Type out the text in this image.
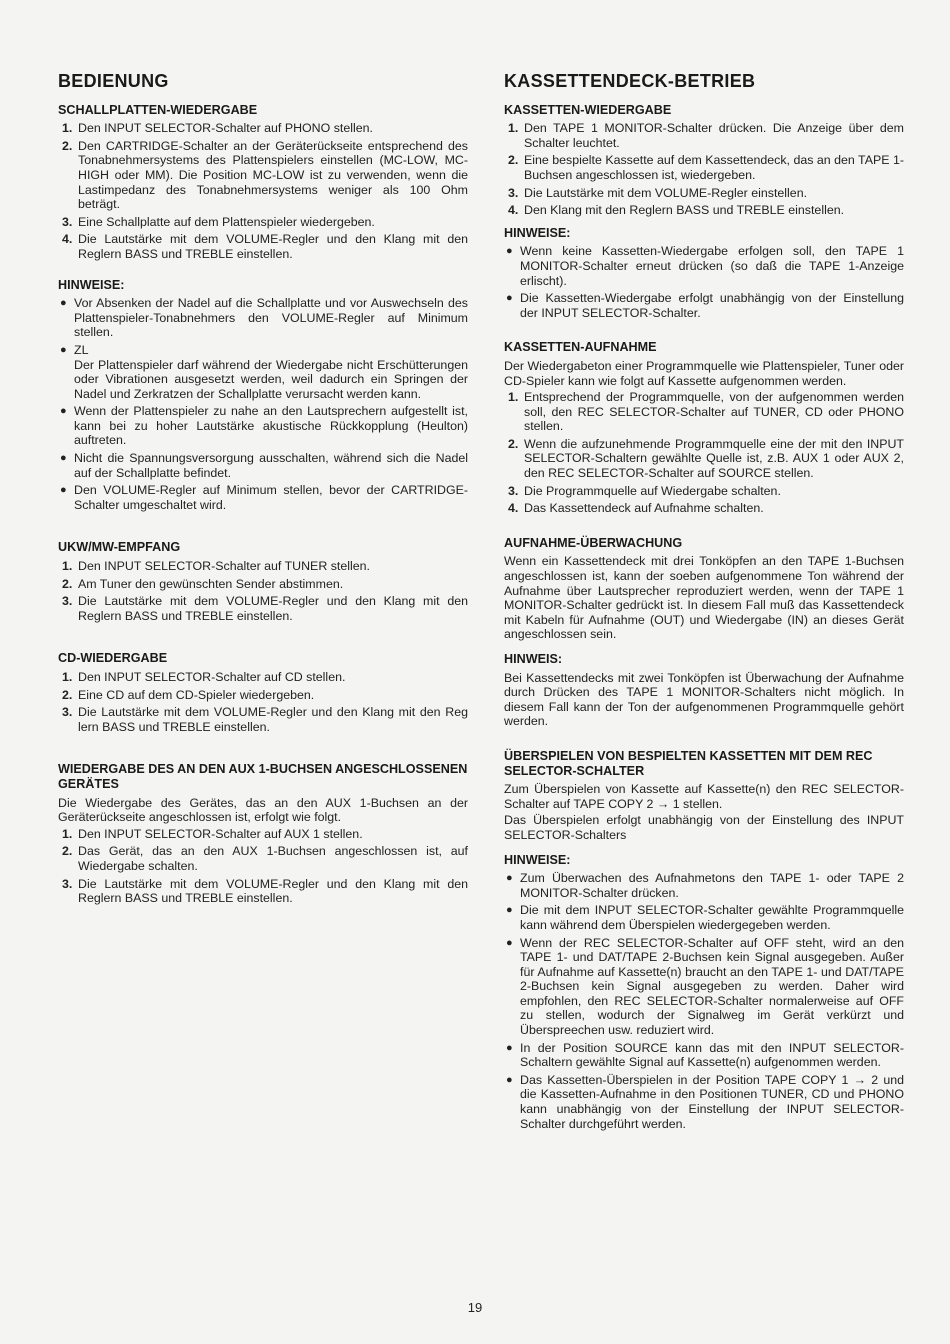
BEDIENUNG
SCHALLPLATTEN-WIEDERGABE
1. Den INPUT SELECTOR-Schalter auf PHONO stellen.
2. Den CARTRIDGE-Schalter an der Geräterückseite entsprechend des Tonabnehmersystems des Plattenspielers einstellen (MC-LOW, MC-HIGH oder MM). Die Position MC-LOW ist zu verwenden, wenn die Lastimpedanz des Tonabnehmersystems weniger als 100 Ohm beträgt.
3. Eine Schallplatte auf dem Plattenspieler wiedergeben.
4. Die Lautstärke mit dem VOLUME-Regler und den Klang mit den Reglern BASS und TREBLE einstellen.
HINWEISE:
● Vor Absenken der Nadel auf die Schallplatte und vor Auswechseln des Plattenspieler-Tonabnehmers den VOLUME-Regler auf Minimum stellen.
● ZL
Der Plattenspieler darf während der Wiedergabe nicht Erschütterungen oder Vibrationen ausgesetzt werden, weil dadurch ein Springen der Nadel und Zerkratzen der Schallplatte verursacht werden kann.
● Wenn der Plattenspieler zu nahe an den Lautsprechern aufgestellt ist, kann bei zu hoher Lautstärke akustische Rückkopplung (Heulton) auftreten.
● Nicht die Spannungsversorgung ausschalten, während sich die Nadel auf der Schallplatte befindet.
● Den VOLUME-Regler auf Minimum stellen, bevor der CARTRIDGE-Schalter umgeschaltet wird.
UKW/MW-EMPFANG
1. Den INPUT SELECTOR-Schalter auf TUNER stellen.
2. Am Tuner den gewünschten Sender abstimmen.
3. Die Lautstärke mit dem VOLUME-Regler und den Klang mit den Reglern BASS und TREBLE einstellen.
CD-WIEDERGABE
1. Den INPUT SELECTOR-Schalter auf CD stellen.
2. Eine CD auf dem CD-Spieler wiedergeben.
3. Die Lautstärke mit dem VOLUME-Regler und den Klang mit den Reg lern BASS und TREBLE einstellen.
WIEDERGABE DES AN DEN AUX 1-BUCHSEN ANGESCHLOSSENEN GERÄTES

Die Wiedergabe des Gerätes, das an den AUX 1-Buchsen an der Geräterückseite angeschlossen ist, erfolgt wie folgt.

1. Den INPUT SELECTOR-Schalter auf AUX 1 stellen.
2. Das Gerät, das an den AUX 1-Buchsen angeschlossen ist, auf Wiedergabe schalten.
3. Die Lautstärke mit dem VOLUME-Regler und den Klang mit den Reglern BASS und TREBLE einstellen.
KASSETTENDECK-BETRIEB
KASSETTEN-WIEDERGABE
1. Den TAPE 1 MONITOR-Schalter drücken. Die Anzeige über dem Schalter leuchtet.
2. Eine bespielte Kassette auf dem Kassettendeck, das an den TAPE 1-Buchsen angeschlossen ist, wiedergeben.
3. Die Lautstärke mit dem VOLUME-Regler einstellen.
4. Den Klang mit den Reglern BASS und TREBLE einstellen.
HINWEISE:
● Wenn keine Kassetten-Wiedergabe erfolgen soll, den TAPE 1 MONITOR-Schalter erneut drücken (so daß die TAPE 1-Anzeige erlischt).
● Die Kassetten-Wiedergabe erfolgt unabhängig von der Einstellung der INPUT SELECTOR-Schalter.
KASSETTEN-AUFNAHME

Der Wiedergabeton einer Programmquelle wie Plattenspieler, Tuner oder CD-Spieler kann wie folgt auf Kassette aufgenommen werden.

1. Entsprechend der Programmquelle, von der aufgenommen werden soll, den REC SELECTOR-Schalter auf TUNER, CD oder PHONO stellen.
2. Wenn die aufzunehmende Programmquelle eine der mit den INPUT SELECTOR-Schaltern gewählte Quelle ist, z.B. AUX 1 oder AUX 2, den REC SELECTOR-Schalter auf SOURCE stellen.
3. Die Programmquelle auf Wiedergabe schalten.
4. Das Kassettendeck auf Aufnahme schalten.
AUFNAHME-ÜBERWACHUNG

Wenn ein Kassettendeck mit drei Tonköpfen an den TAPE 1-Buchsen angeschlossen ist, kann der soeben aufgenommene Ton während der Aufnahme über Lautsprecher reproduziert werden, wenn der TAPE 1 MONITOR-Schalter gedrückt ist. In diesem Fall muß das Kassettendeck mit Kabeln für Aufnahme (OUT) und Wiedergabe (IN) an dieses Gerät angeschlossen sein.

HINWEIS:

Bei Kassettendecks mit zwei Tonköpfen ist Überwachung der Aufnahme durch Drücken des TAPE 1 MONITOR-Schalters nicht möglich. In diesem Fall kann der Ton der aufgenommenen Programmquelle gehört werden.

ÜBERSPIELEN VON BESPIELTEN KASSETTEN MIT DEM REC SELECTOR-SCHALTER

Zum Überspielen von Kassette auf Kassette(n) den REC SELECTOR-Schalter auf TAPE COPY 2 → 1 stellen.

Das Überspielen erfolgt unabhängig von der Einstellung des INPUT SELECTOR-Schalters

HINWEISE:
● Zum Überwachen des Aufnahmetons den TAPE 1- oder TAPE 2 MONITOR-Schalter drücken.
● Die mit dem INPUT SELECTOR-Schalter gewählte Programmquelle kann während dem Überspielen wiedergegeben werden.
● Wenn der REC SELECTOR-Schalter auf OFF steht, wird an den TAPE 1- und DAT/TAPE 2-Buchsen kein Signal ausgegeben. Außer für Aufnahme auf Kassette(n) braucht an den TAPE 1- und DAT/TAPE 2-Buchsen kein Signal ausgegeben zu werden. Daher wird empfohlen, den REC SELECTOR-Schalter normalerweise auf OFF zu stellen, wodurch der Signalweg im Gerät verkürzt und Überspreechen usw. reduziert wird.
● In der Position SOURCE kann das mit den INPUT SELECTOR-Schaltern gewählte Signal auf Kassette(n) aufgenommen werden.
● Das Kassetten-Überspielen in der Position TAPE COPY 1 → 2 und die Kassetten-Aufnahme in den Positionen TUNER, CD und PHONO kann unabhängig von der Einstellung der INPUT SELECTOR-Schalter durchgeführt werden.
19
